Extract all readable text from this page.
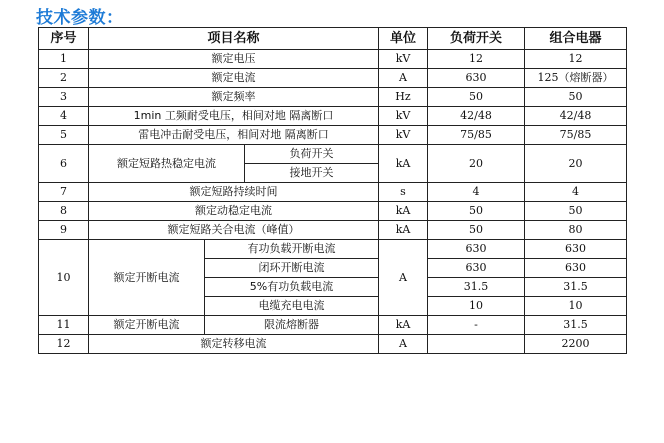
技术参数：
序号	项目名称			单位	负荷开关	组合电器
1	额定电压			kV	12	12
2	额定电流			A	630	125（熔断器）
3	额定频率			Hz	50	50
4	1min 工频耐受电压，相间对地 隔离断口			kV	42/48	42/48
5	雷电冲击耐受电压，相间对地 隔离断口			kV	75/85	75/85
6	额定短路热稳定电流		负荷开关	kA	20	20
			接地开关			
7	额定短路持续时间			s	4	4
8	额定动稳定电流			kA	50	50
9	额定短路关合电流（峰值）			kA	50	80
10	额定开断电流	有功负载开断电流		A	630	630
		闭环开断电流			630	630
		5%有功负载电流			31.5	31.5
		电缆充电电流			10	10
11	额定开断电流	限流熔断器		kA	-	31.5
12	额定转移电流			A		2200
